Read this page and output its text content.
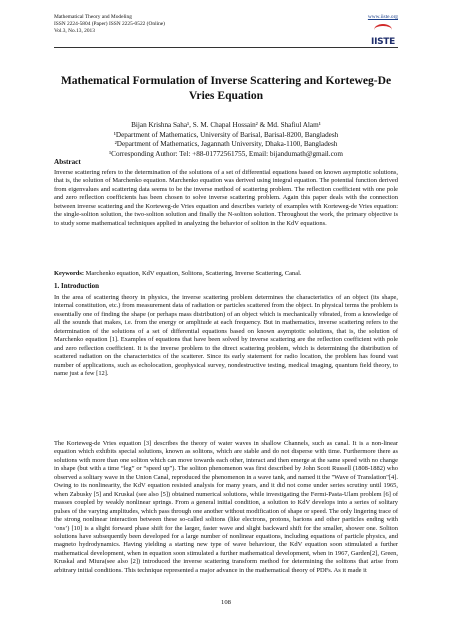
Mathematical Theory and Modeling
ISSN 2224-5804 (Paper) ISSN 2225-0522 (Online)
Vol.3, No.13, 2013
www.iiste.org
IISTE
Mathematical Formulation of Inverse Scattering and Korteweg-De Vries Equation
Bijan Krishna Saha¹, S. M. Chapal Hossain² & Md. Shafiul Alam¹
¹Department of Mathematics, University of Barisal, Barisal-8200, Bangladesh
²Department of Mathematics, Jagannath University, Dhaka-1100, Bangladesh
¹Corresponding Author: Tel: +88-01772561755, Email: bijandumath@gmail.com
Abstract
Inverse scattering refers to the determination of the solutions of a set of differential equations based on known asymptotic solutions, that is, the solution of Marchenko equation. Marchenko equation was derived using integral equation. The potential function derived from eigenvalues and scattering data seems to be the inverse method of scattering problem. The reflection coefficient with one pole and zero reflection coefficients has been chosen to solve inverse scattering problem. Again this paper deals with the connection between inverse scattering and the Korteweg-de Vries equation and describes variety of examples with Korteweg-de Vries equation: the single-soliton solution, the two-soliton solution and finally the N-soliton solution. Throughout the work, the primary objective is to study some mathematical techniques applied in analyzing the behavior of soliton in the KdV equations.
Keywords: Marchenko equation, KdV equation, Solitons, Scattering, Inverse Scattering, Canal.
1. Introduction
In the area of scattering theory in physics, the inverse scattering problem determines the characteristics of an object (its shape, internal constitution, etc.) from measurement data of radiation or particles scattered from the object. In physical terms the problem is essentially one of finding the shape (or perhaps mass distribution) of an object which is mechanically vibrated, from a knowledge of all the sounds that makes, i.e. from the energy or amplitude at each frequency. But in mathematics, inverse scattering refers to the determination of the solutions of a set of differential equations based on known asymptotic solutions, that is, the solution of Marchenko equation [1]. Examples of equations that have been solved by inverse scattering are the reflection coefficient with pole and zero reflection coefficient. It is the inverse problem to the direct scattering problem, which is determining the distribution of scattered radiation on the characteristics of the scatterer. Since its early statement for radio location, the problem has found vast number of applications, such as echolocation, geophysical survey, nondestructive testing, medical imaging, quantum field theory, to name just a few [12].
The Korteweg-de Vries equation [3] describes the theory of water waves in shallow Channels, such as canal. It is a non-linear equation which exhibits special solutions, known as solitons, which are stable and do not disperse with time. Furthermore there as solutions with more than one soliton which can move towards each other, interact and then emerge at the same speed with no change in shape (but with a time “leg” or “speed up”). The soliton phenomenon was first described by John Scott Russell (1808-1882) who observed a solitary wave in the Union Canal, reproduced the phenomenon in a wave tank, and named it the "Wave of Translation"[4]. Owing to its nonlinearity, the KdV equation resisted analysis for many years, and it did not come under series scrutiny until 1965, when Zabusky [5] and Kruskal (see also [5]) obtained numerical solutions, while investigating the Fermi-Pasta-Ulam problem [6] of masses coupled by weakly nonlinear springs. From a general initial condition, a solution to KdV develops into a series of solitary pulses of the varying amplitudes, which pass through one another without modification of shape or speed. The only lingering trace of the strong nonlinear interaction between these so-called solitons (like electrons, protons, barions and other particles ending with ‘ons’) [10] is a slight forward phase shift for the larger, faster wave and slight backward shift for the smaller, shower one. Soliton solutions have subsequently been developed for a large number of nonlinear equations, including equations of particle physics, and magneto hydrodynamics. Having yielding a starting new type of wave behaviour, the KdV equation soon stimulated a further mathematical development, when in equation soon stimulated a further mathematical development, when in 1967, Garden[2], Green, Kruskal and Miura(see also [2]) introduced the inverse scattering transform method for determining the solitons that arise from arbitrary initial conditions. This technique represented a major advance in the mathematical theory of PDFs. As it made it
108
